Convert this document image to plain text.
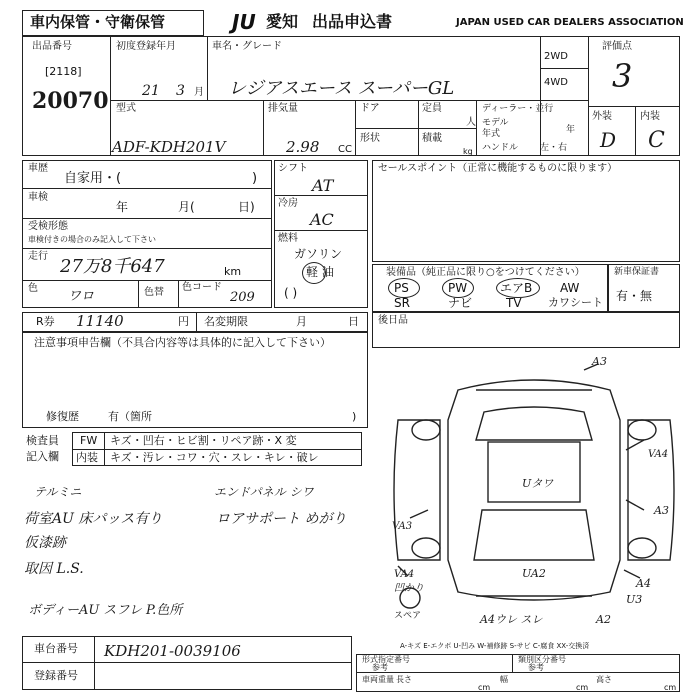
車内保管・守衛保管	JU 愛知 出品申込書	JAPAN USED CAR DEALERS ASSOCIATION
出品番号
[2118]
20070
初度登録年月
21 3 月
車名・グレード
レジアスエース スーパーGL
2WD
4WD
評価点
3
外装	内装
D C
型式
ADF-KDH201V
排気量
2.98 CC
ドア	定員
人
形状	積載
kg
ディーラー・並行
モデル
年式	年
ハンドル 左・右
車歴
自家用・(	)
車検
年	月(	日)
受検形態
車検付きの場合のみ記入して下さい
走行 27万8千647	km
色
ワロ	色替 色コード
209
シフト
AT
冷房
AC
燃料
ガソリン
軽 油
( )
セールスポイント（正常に機能するものに限ります）
装備品（純正品に限り○をつけてください）
PS	PW	エアB AW
SR	ナビ	TV カワシート
新車保証書
有・無
R券 11140	円 名変期限	月	日 後日品
注意事項申告欄（不具合内容等は具体的に記入して下さい）
修復歴	有（箇所	)
検査員
記入欄
FW キズ・凹右・ヒビ割・リペア跡・X 変
内装 キズ・汚レ・コワ・穴・スレ・キレ・破レ
テルミニ	エンドパネル シワ
荷室AU 床パッス有り	ロアサポート めがり
仮漆跡
取因 L.S.
ボディーAU スフレ P.色所
A3
VA4
A3
Uタワ
VA3
UA2
VA4
凹かり	A4
U3
A4ウレ スレ	A2
スペア
A-キズ E-エクボ U-凹み W-補修跡 S-サビ C-腐食 XX-交換済
車台番号 KDH201-0039106
登録番号
形式指定番号
参考
類別区分番号
参考
車両重量 長さ
cm
幅
cm
高さ
cm
